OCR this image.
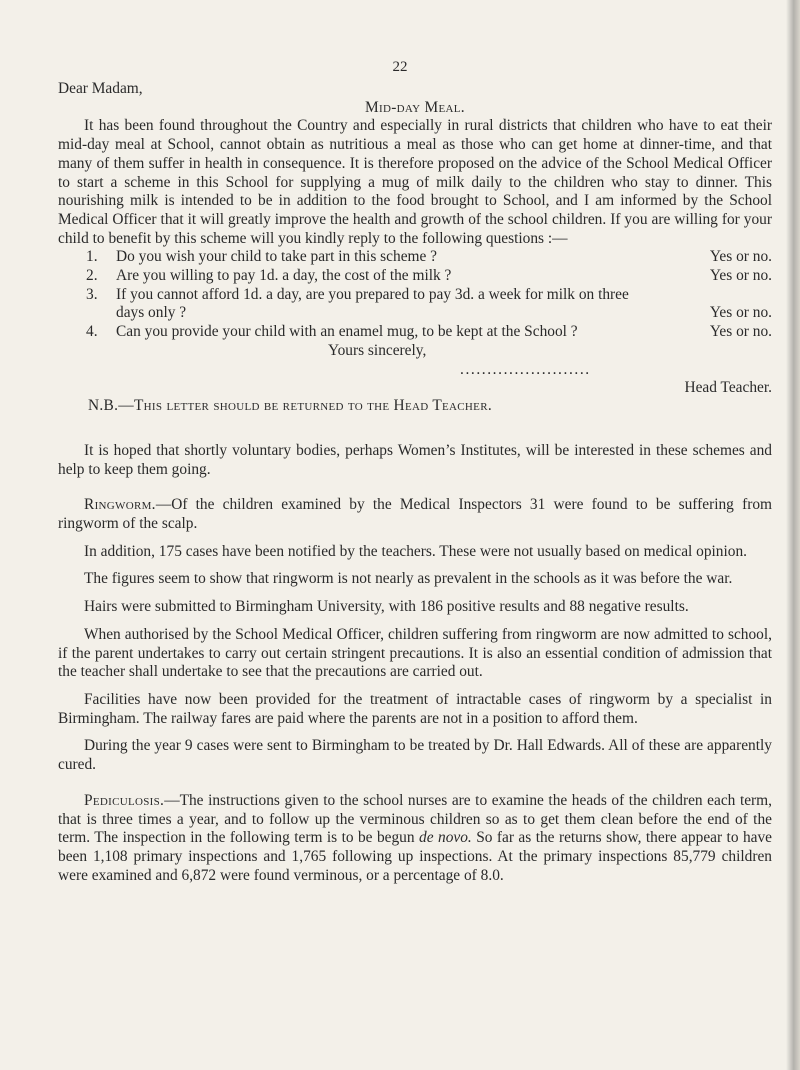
22

Dear Madam,

Mid-day Meal.

It has been found throughout the Country and especially in rural districts that children who have to eat their mid-day meal at School, cannot obtain as nutritious a meal as those who can get home at dinner-time, and that many of them suffer in health in consequence. It is therefore proposed on the advice of the School Medical Officer to start a scheme in this School for supplying a mug of milk daily to the children who stay to dinner. This nourishing milk is intended to be in addition to the food brought to School, and I am informed by the School Medical Officer that it will greatly improve the health and growth of the school children. If you are willing for your child to benefit by this scheme will you kindly reply to the following questions :—

1. Do you wish your child to take part in this scheme ?	Yes or no.
2. Are you willing to pay 1d. a day, the cost of the milk ?	Yes or no.
3. If you cannot afford 1d. a day, are you prepared to pay 3d. a week for milk on three days only ?	Yes or no.
4. Can you provide your child with an enamel mug, to be kept at the School ?	Yes or no.

Yours sincerely,

........................

Head Teacher.

N.B.—This letter should be returned to the Head Teacher.

It is hoped that shortly voluntary bodies, perhaps Women’s Institutes, will be interested in these schemes and help to keep them going.

Ringworm.—Of the children examined by the Medical Inspectors 31 were found to be suffering from ringworm of the scalp.

In addition, 175 cases have been notified by the teachers. These were not usually based on medical opinion.

The figures seem to show that ringworm is not nearly as prevalent in the schools as it was before the war.

Hairs were submitted to Birmingham University, with 186 positive results and 88 negative results.

When authorised by the School Medical Officer, children suffering from ringworm are now admitted to school, if the parent undertakes to carry out certain stringent precautions. It is also an essential condition of admission that the teacher shall undertake to see that the precautions are carried out.

Facilities have now been provided for the treatment of intractable cases of ringworm by a specialist in Birmingham. The railway fares are paid where the parents are not in a position to afford them.

During the year 9 cases were sent to Birmingham to be treated by Dr. Hall Edwards. All of these are apparently cured.

Pediculosis.—The instructions given to the school nurses are to examine the heads of the children each term, that is three times a year, and to follow up the verminous children so as to get them clean before the end of the term. The inspection in the following term is to be begun de novo. So far as the returns show, there appear to have been 1,108 primary inspections and 1,765 following up inspections. At the primary inspections 85,779 children were examined and 6,872 were found verminous, or a percentage of 8.0.
